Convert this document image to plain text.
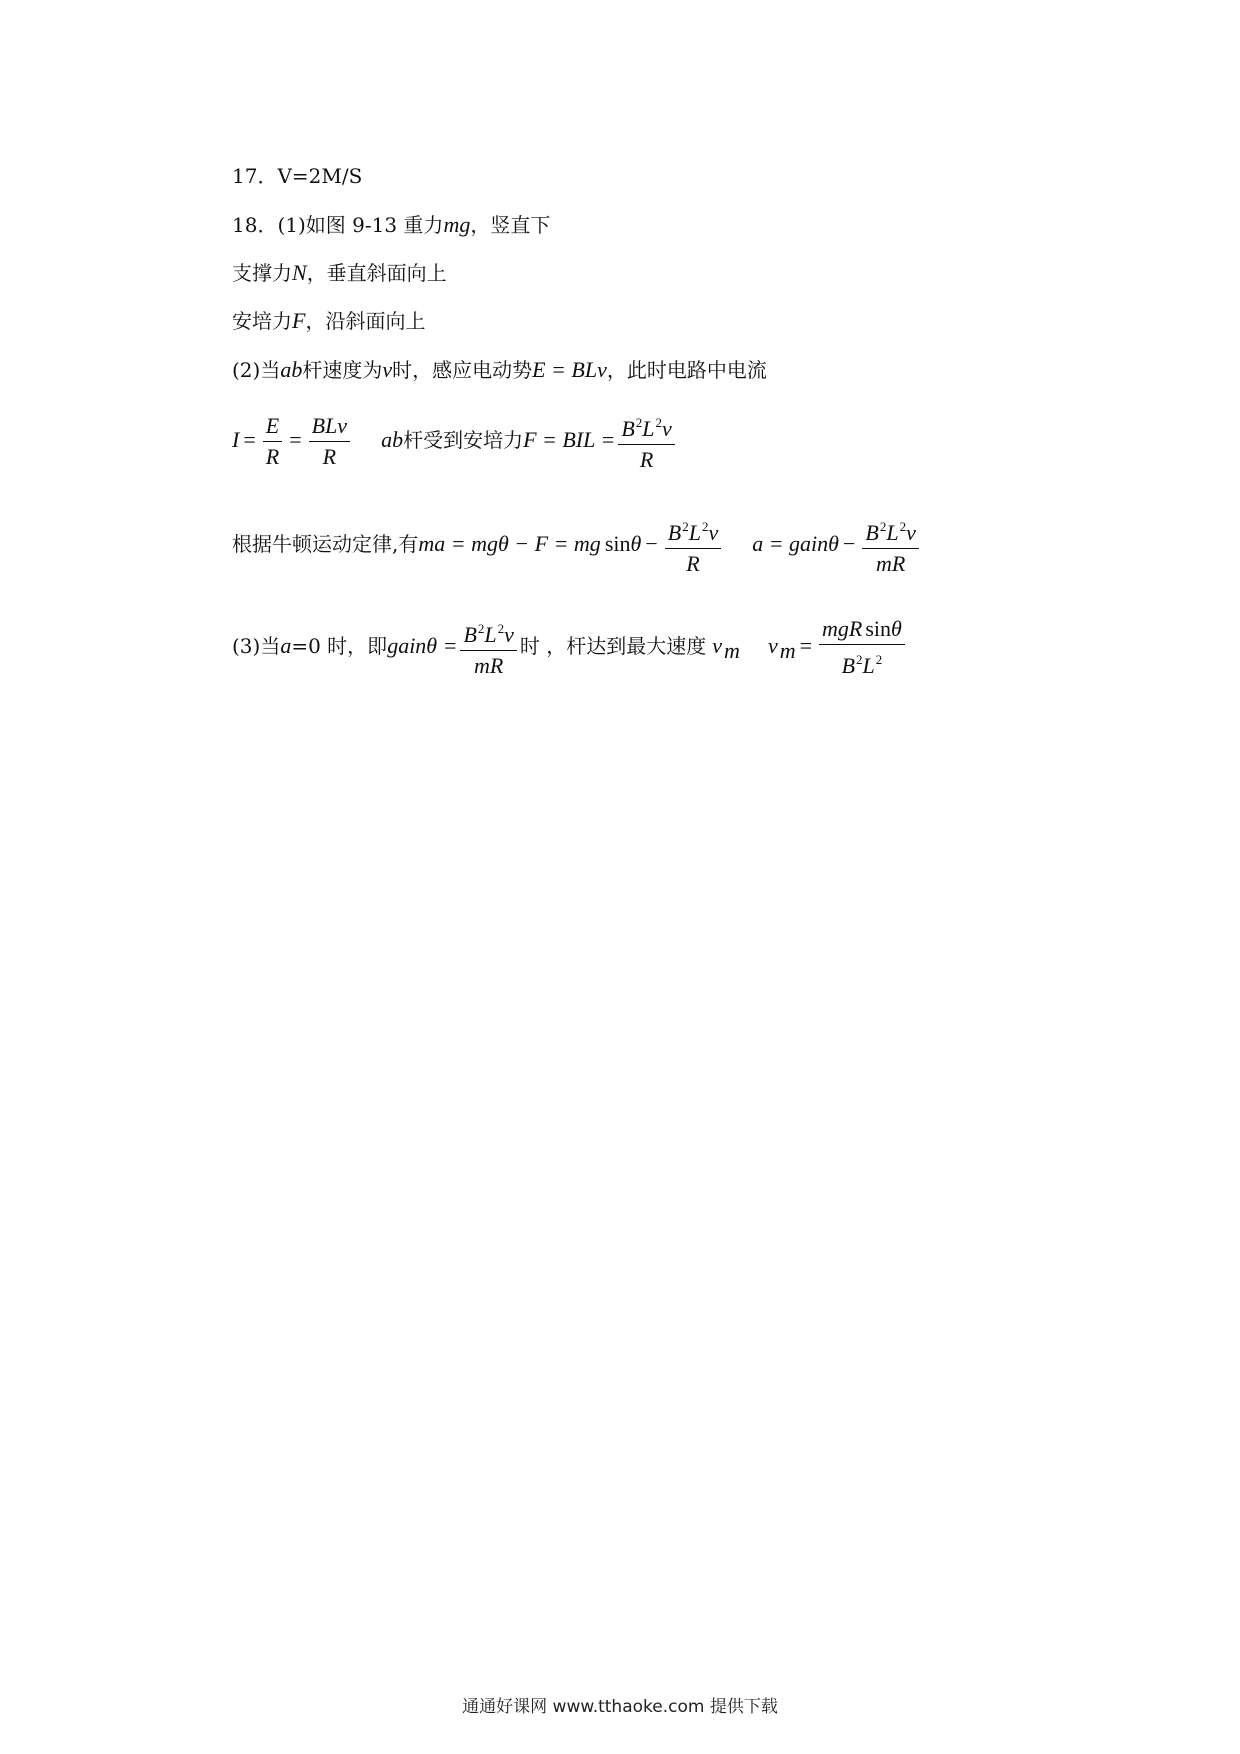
17．V=2M/S
18．(1)如图 9-13 重力mg，竖直下
支撑力N，垂直斜面向上
安培力F，沿斜面向上
(2)当ab杆速度为v时，感应电动势E = BLv，此时电路中电流
$I = \frac{E}{R} = \frac{\text{BLv}}{R}$ ab杆受到安培力F = BIL = $\frac{B^2L^2v}{R}$
根据牛顿运动定律,有ma = mgθ − F = mg $\sin\theta - \frac{B^2L^2v}{R}$ a = gainθ − $\frac{B^2L^2v}{mR}$
(3)当a=0 时，即gainθ = $\frac{B^2L^2v}{mR}$ 时 ，杆达到最大速度 $v_m$ $v_m = \frac{\text{mgR sinθ}}{B^2L^2}$
通通好课网 www.tthaoke.com 提供下载
